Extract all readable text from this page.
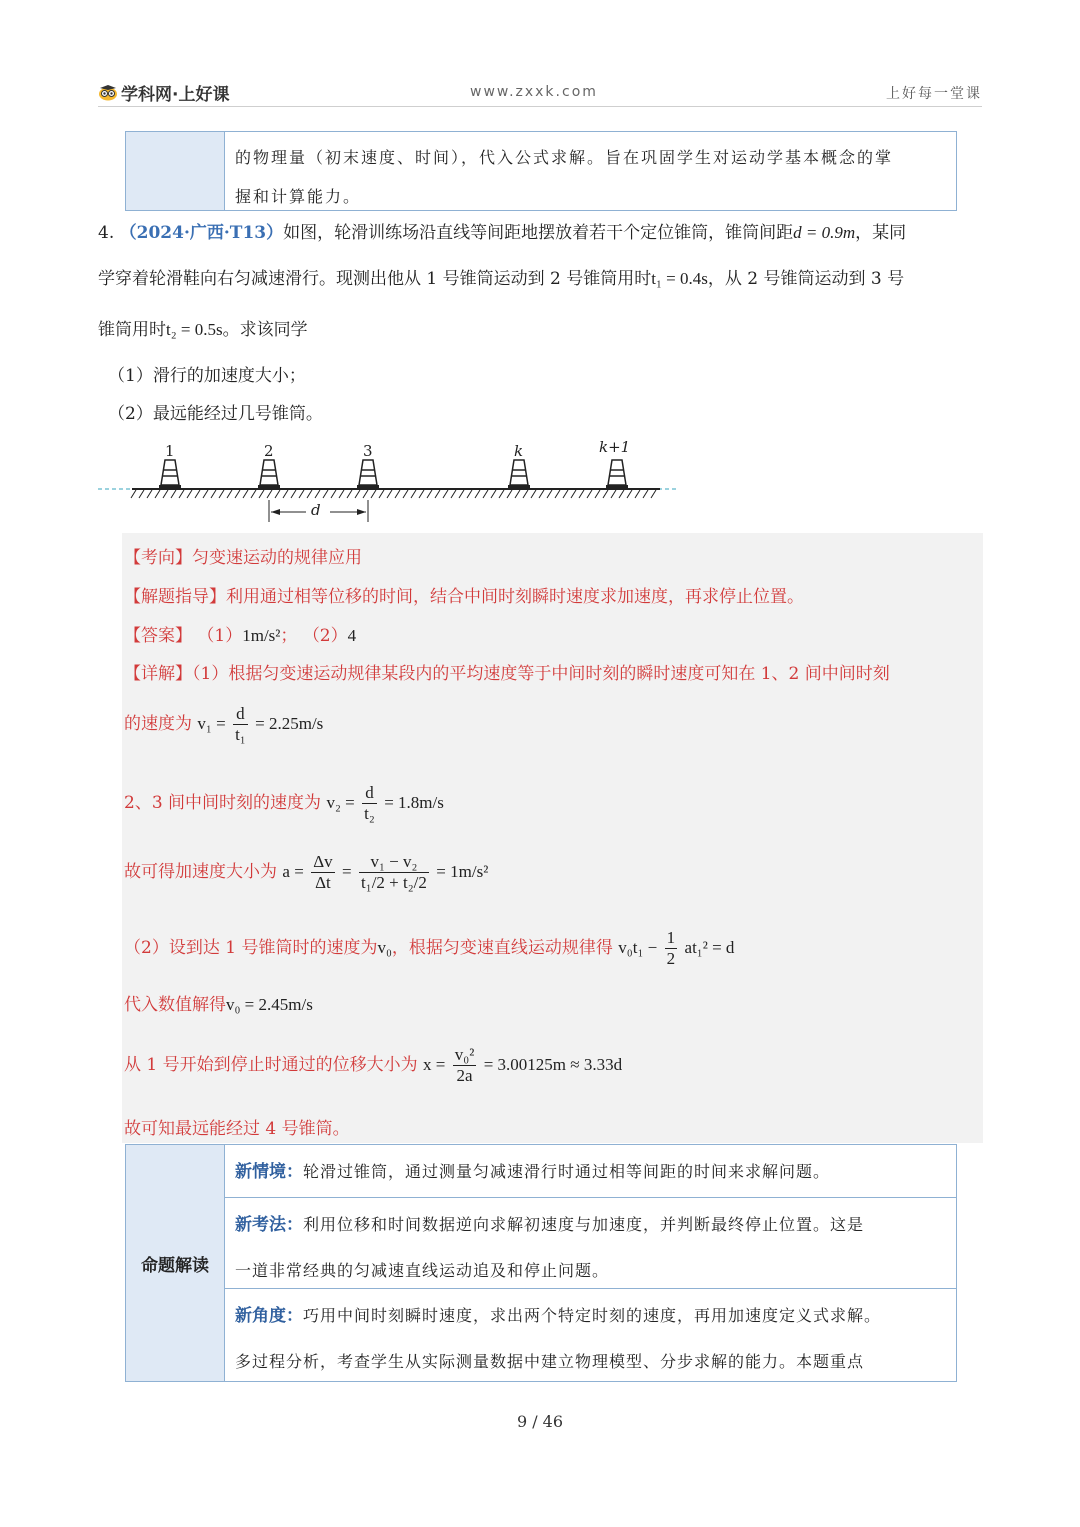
学科网·上好课	www.zxxk.com	上好每一堂课
的物理量（初末速度、时间），代入公式求解。旨在巩固学生对运动学基本概念的掌
握和计算能力。
4. （2024·广西·T13）如图，轮滑训练场沿直线等间距地摆放着若干个定位锥筒，锥筒间距d = 0.9m，某同
学穿着轮滑鞋向右匀减速滑行。现测出他从 1 号锥筒运动到 2 号锥筒用时t₁ = 0.4s，从 2 号锥筒运动到 3 号
锥筒用时t₂ = 0.5s。求该同学
（1）滑行的加速度大小；
（2）最远能经过几号锥筒。
1	2	3	k	k+1
d
【考向】匀变速运动的规律应用
【解题指导】利用通过相等位移的时间，结合中间时刻瞬时速度求加速度，再求停止位置。
【答案】 （1）1m/s²； （2）4
【详解】（1）根据匀变速运动规律某段内的平均速度等于中间时刻的瞬时速度可知在 1、2 间中间时刻
的速度为 $v_1 = \frac{d}{\text{t₁}} = 2.25m/s$
2、3 间中间时刻的速度为 $v_2 = \frac{d}{\text{t₂}} = 1.8m/s$
故可得加速度大小为 $a = \frac{\Delta v}{\Delta t} = \frac{\text{v₁ − v₂}}{\text{t₁/2 + t₂/2}} = 1m/s^2$
（2）设到达 1 号锥筒时的速度为v₀，根据匀变速直线运动规律得 $v_0t_1 - \frac{1}{2} at_1^2 = d$
代入数值解得v₀ = 2.45m/s
从 1 号开始到停止时通过的位移大小为 $x = \frac{\text{v₀²}}{2a} = 3.00125m \approx 3.33d$
故可知最远能经过 4 号锥筒。
命题解读
新情境：轮滑过锥筒，通过测量匀减速滑行时通过相等间距的时间来求解问题。
新考法：利用位移和时间数据逆向求解初速度与加速度，并判断最终停止位置。这是
一道非常经典的匀减速直线运动追及和停止问题。
新角度：巧用中间时刻瞬时速度，求出两个特定时刻的速度，再用加速度定义式求解。
多过程分析，考查学生从实际测量数据中建立物理模型、分步求解的能力。本题重点
9 / 46
